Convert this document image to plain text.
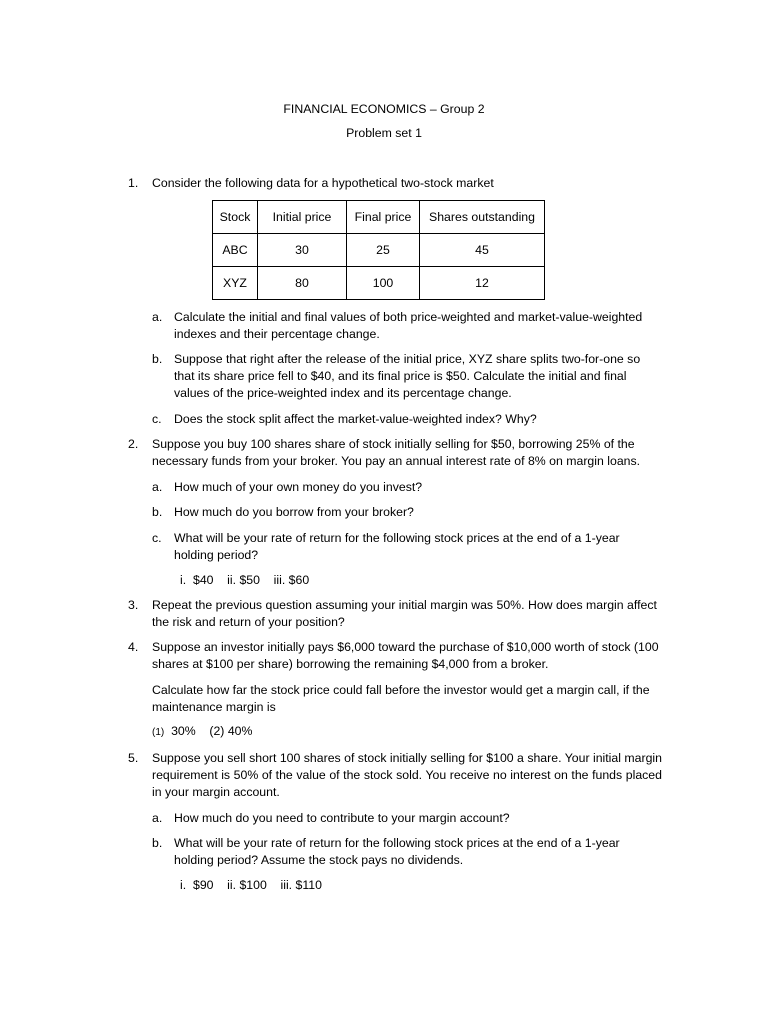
FINANCIAL ECONOMICS – Group 2
Problem set 1
1.	Consider the following data for a hypothetical two-stock market
Stock	Initial price	Final price	Shares outstanding
ABC	30	25	45
XYZ	80	100	12
a. Calculate the initial and final values of both price-weighted and market-value-weighted indexes and their percentage change.
b. Suppose that right after the release of the initial price, XYZ share splits two-for-one so that its share price fell to $40, and its final price is $50. Calculate the initial and final values of the price-weighted index and its percentage change.
c.	Does the stock split affect the market-value-weighted index? Why?
2.	Suppose you buy 100 shares share of stock initially selling for $50, borrowing 25% of the necessary funds from your broker. You pay an annual interest rate of 8% on margin loans.
a. How much of your own money do you invest?
b. How much do you borrow from your broker?
c.	What will be your rate of return for the following stock prices at the end of a 1-year holding period?
i.  $40    ii. $50    iii. $60
3.	Repeat the previous question assuming your initial margin was 50%. How does margin affect the risk and return of your position?
4.	Suppose an investor initially pays $6,000 toward the purchase of $10,000 worth of stock (100 shares at $100 per share) borrowing the remaining $4,000 from a broker.
Calculate how far the stock price could fall before the investor would get a margin call, if the maintenance margin is
(1) 30% (2) 40%
5.	Suppose you sell short 100 shares of stock initially selling for $100 a share. Your initial margin requirement is 50% of the value of the stock sold. You receive no interest on the funds placed in your margin account.
a. How much do you need to contribute to your margin account?
b. What will be your rate of return for the following stock prices at the end of a 1-year holding period? Assume the stock pays no dividends.
i.  $90    ii. $100    iii. $110
